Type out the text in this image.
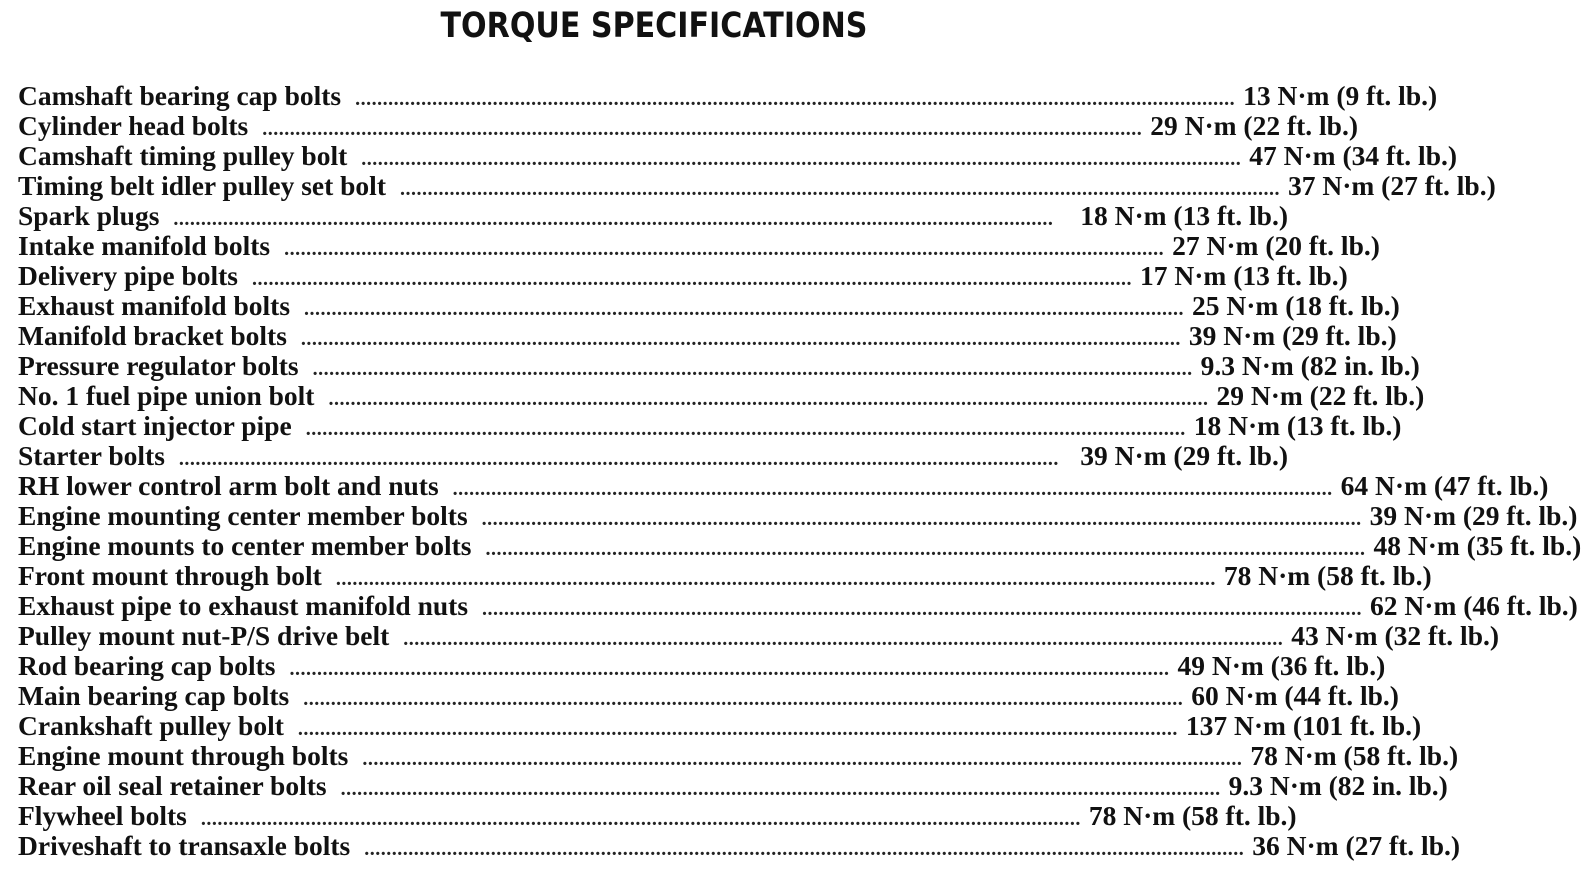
TORQUE SPECIFICATIONS
Camshaft bearing cap bolts ................................................................................................................................................................ 13 N·m (9 ft. lb.)
Cylinder head bolts ................................................................................................................................................................ 29 N·m (22 ft. lb.)
Camshaft timing pulley bolt ................................................................................................................................................................ 47 N·m (34 ft. lb.)
Timing belt idler pulley set bolt ................................................................................................................................................................ 37 N·m (27 ft. lb.)
Spark plugs ................................................................................................................................................................ 18 N·m (13 ft. lb.)
Intake manifold bolts ................................................................................................................................................................ 27 N·m (20 ft. lb.)
Delivery pipe bolts ................................................................................................................................................................ 17 N·m (13 ft. lb.)
Exhaust manifold bolts ................................................................................................................................................................ 25 N·m (18 ft. lb.)
Manifold bracket bolts ................................................................................................................................................................ 39 N·m (29 ft. lb.)
Pressure regulator bolts ................................................................................................................................................................ 9.3 N·m (82 in. lb.)
No. 1 fuel pipe union bolt ................................................................................................................................................................ 29 N·m (22 ft. lb.)
Cold start injector pipe ................................................................................................................................................................ 18 N·m (13 ft. lb.)
Starter bolts ................................................................................................................................................................ 39 N·m (29 ft. lb.)
RH lower control arm bolt and nuts ................................................................................................................................................................ 64 N·m (47 ft. lb.)
Engine mounting center member bolts ................................................................................................................................................................ 39 N·m (29 ft. lb.)
Engine mounts to center member bolts ................................................................................................................................................................ 48 N·m (35 ft. lb.)
Front mount through bolt ................................................................................................................................................................ 78 N·m (58 ft. lb.)
Exhaust pipe to exhaust manifold nuts ................................................................................................................................................................ 62 N·m (46 ft. lb.)
Pulley mount nut-P/S drive belt ................................................................................................................................................................ 43 N·m (32 ft. lb.)
Rod bearing cap bolts ................................................................................................................................................................ 49 N·m (36 ft. lb.)
Main bearing cap bolts ................................................................................................................................................................ 60 N·m (44 ft. lb.)
Crankshaft pulley bolt ................................................................................................................................................................ 137 N·m (101 ft. lb.)
Engine mount through bolts ................................................................................................................................................................ 78 N·m (58 ft. lb.)
Rear oil seal retainer bolts ................................................................................................................................................................ 9.3 N·m (82 in. lb.)
Flywheel bolts ................................................................................................................................................................ 78 N·m (58 ft. lb.)
Driveshaft to transaxle bolts ................................................................................................................................................................ 36 N·m (27 ft. lb.)
